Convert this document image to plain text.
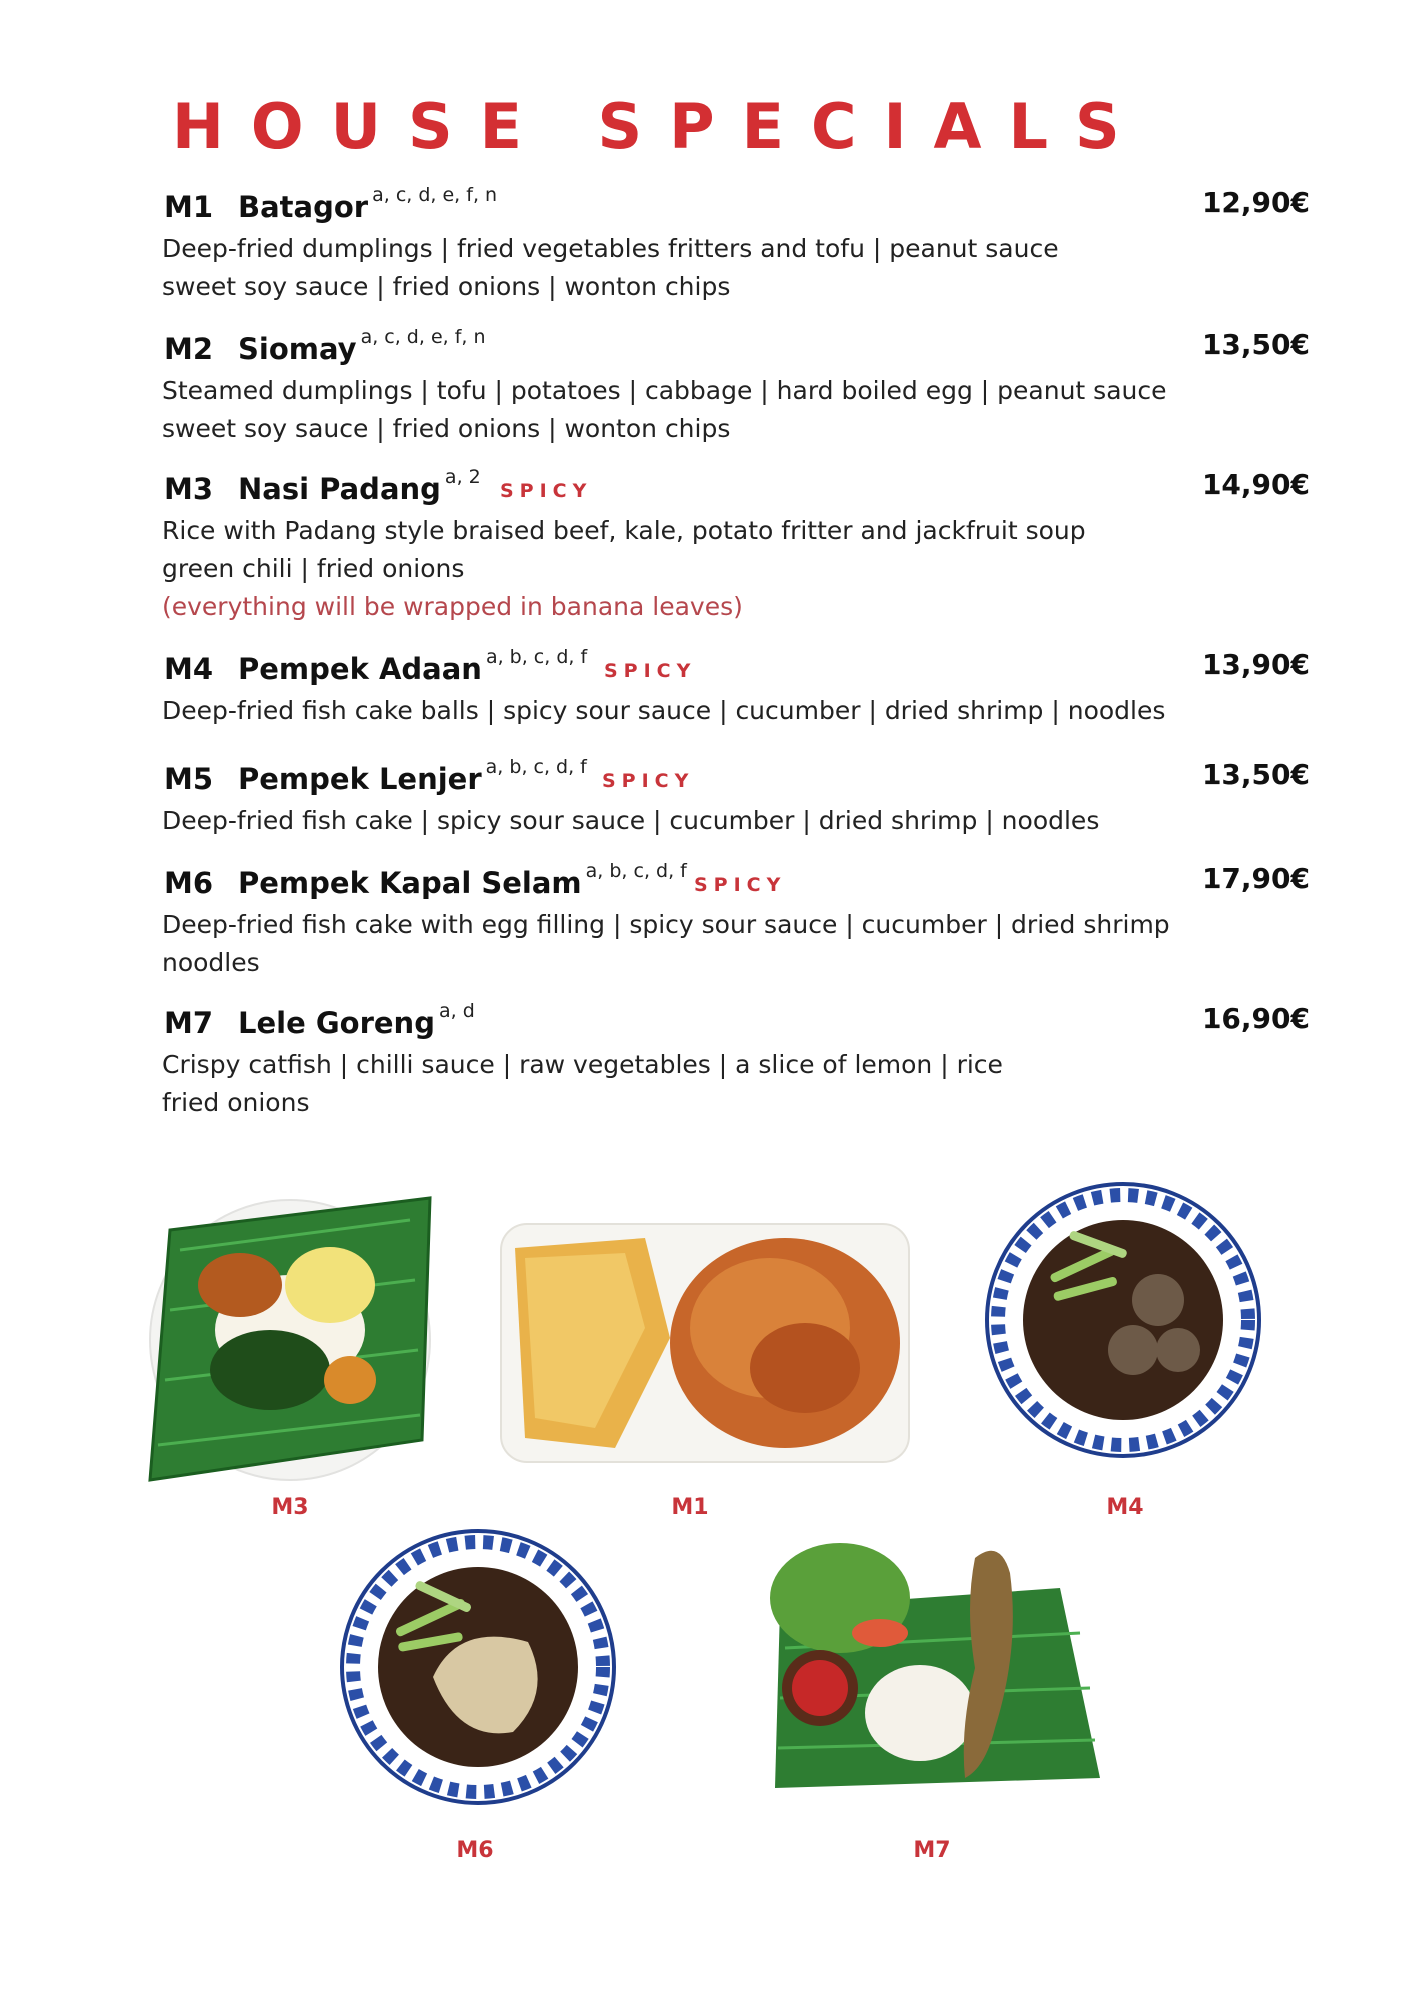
HOUSE SPECIALS
M1 Batagor $^{a, c, d, e, f, n}$	12,90€
Deep-fried dumplings | fried vegetables fritters and tofu | peanut sauce
sweet soy sauce | fried onions | wonton chips
M2 Siomay $^{a, c, d, e, f, n}$	13,50€
Steamed dumplings | tofu | potatoes | cabbage | hard boiled egg | peanut sauce
sweet soy sauce | fried onions | wonton chips
M3 Nasi Padang $^{a, 2}$
SPICY	14,90€
Rice with Padang style braised beef, kale, potato fritter and jackfruit soup
green chili | fried onions
(everything will be wrapped in banana leaves)
M4 Pempek Adaan $^{a, b, c, d, f}$
SPICY	13,90€
Deep-fried fish cake balls | spicy sour sauce | cucumber | dried shrimp | noodles
M5 Pempek Lenjer $^{a, b, c, d, f}$
SPICY	13,50€
Deep-fried fish cake | spicy sour sauce | cucumber | dried shrimp | noodles
M6 Pempek Kapal Selam $^{a, b, c, d, f}$
SPICY	17,90€
Deep-fried fish cake with egg filling | spicy sour sauce | cucumber | dried shrimp
noodles
M7 Lele Goreng $^{a, d}$	16,90€
Crispy catfish | chilli sauce | raw vegetables | a slice of lemon | rice
fried onions
M3	M1	M4
M6	M7
